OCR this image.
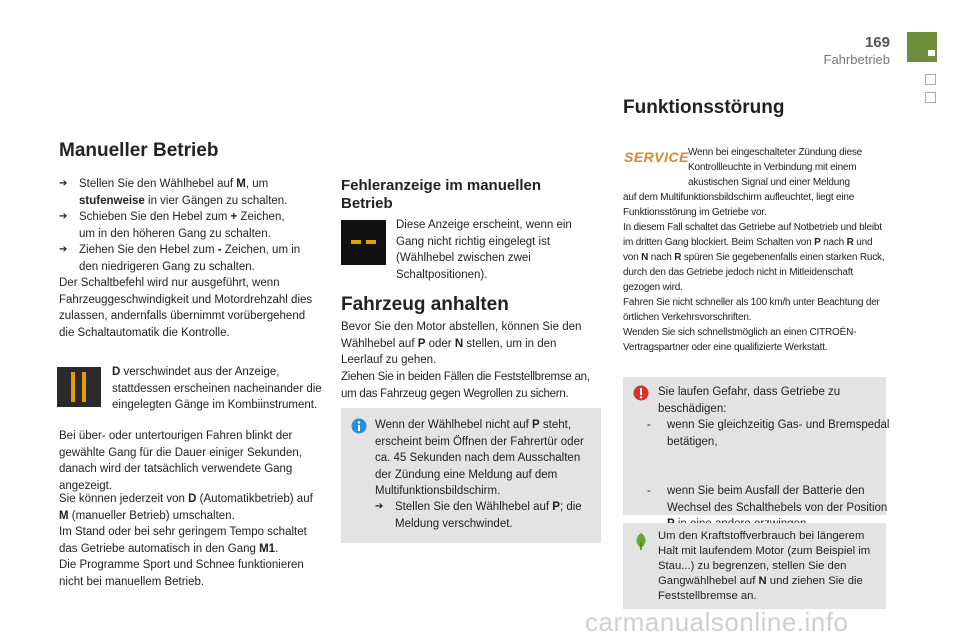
169
Fahrbetrieb
Manueller Betrieb
➔ Stellen Sie den Wählhebel auf M, um
stufenweise in vier Gängen zu schalten.
➔ Schieben Sie den Hebel zum + Zeichen,
um in den höheren Gang zu schalten.
➔ Ziehen Sie den Hebel zum - Zeichen, um in
den niedrigeren Gang zu schalten.
Der Schaltbefehl wird nur ausgeführt, wenn Fahrzeuggeschwindigkeit und Motordrehzahl dies zulassen, andernfalls übernimmt vorübergehend die Schaltautomatik die Kontrolle.
D verschwindet aus der Anzeige, stattdessen erscheinen nacheinander die eingelegten Gänge im Kombiinstrument.
Bei über- oder untertourigen Fahren blinkt der gewählte Gang für die Dauer einiger Sekunden, danach wird der tatsächlich verwendete Gang angezeigt.
Sie können jederzeit von D (Automatikbetrieb) auf M (manueller Betrieb) umschalten.
Im Stand oder bei sehr geringem Tempo schaltet das Getriebe automatisch in den Gang M1.
Die Programme Sport und Schnee funktionieren nicht bei manuellem Betrieb.
Fehleranzeige im manuellen Betrieb
Diese Anzeige erscheint, wenn ein Gang nicht richtig eingelegt ist (Wählhebel zwischen zwei Schaltpositionen).
Fahrzeug anhalten
Bevor Sie den Motor abstellen, können Sie den Wählhebel auf P oder N stellen, um in den Leerlauf zu gehen.
Ziehen Sie in beiden Fällen die Feststellbremse an, um das Fahrzeug gegen Wegrollen zu sichern.
Wenn der Wählhebel nicht auf P steht, erscheint beim Öffnen der Fahrertür oder ca. 45 Sekunden nach dem Ausschalten der Zündung eine Meldung auf dem Multifunktionsbildschirm.
➔ Stellen Sie den Wählhebel auf P; die Meldung verschwindet.
Funktionsstörung
SERVICE Wenn bei eingeschalteter Zündung diese Kontrollleuchte in Verbindung mit einem akustischen Signal und einer Meldung
auf dem Multifunktionsbildschirm aufleuchtet, liegt eine Funktionsstörung im Getriebe vor.
In diesem Fall schaltet das Getriebe auf Notbetrieb und bleibt im dritten Gang blockiert. Beim Schalten von P nach R und von N nach R spüren Sie gegebenenfalls einen starken Ruck, durch den das Getriebe jedoch nicht in Mitleidenschaft gezogen wird.
Fahren Sie nicht schneller als 100 km/h unter Beachtung der örtlichen Verkehrsvorschriften.
Wenden Sie sich schnellstmöglich an einen CITROËN-Vertragspartner oder eine qualifizierte Werkstatt.
Sie laufen Gefahr, dass Getriebe zu beschädigen:
- wenn Sie gleichzeitig Gas- und Bremspedal betätigen,
- wenn Sie beim Ausfall der Batterie den Wechsel des Schalthebels von der Position
Um den Kraftstoffverbrauch bei längerem Halt mit laufendem Motor (zum Beispiel im Stau...) zu begrenzen, stellen Sie den Gangwählhebel auf N und ziehen Sie die Feststellbremse an.
carmanualsonline.info
